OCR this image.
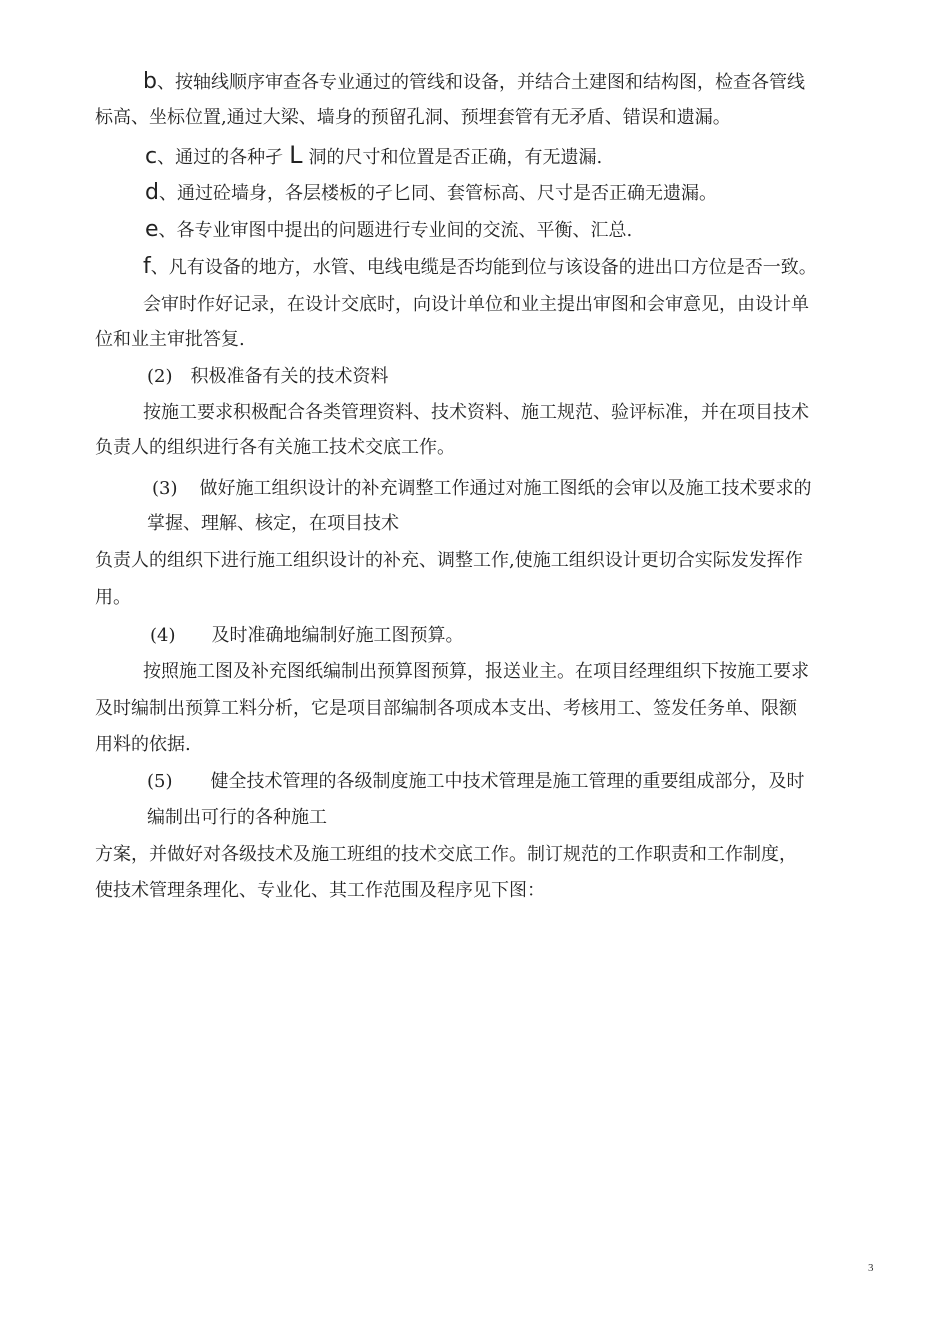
b、按轴线顺序审查各专业通过的管线和设备，并结合土建图和结构图，检查各管线

标高、坐标位置,通过大梁、墙身的预留孔洞、预埋套管有无矛盾、错误和遗漏。

c、通过的各种孑 L 洞的尺寸和位置是否正确，有无遗漏.

d、通过砼墙身，各层楼板的孑匕同、套管标高、尺寸是否正确无遗漏。

e、各专业审图中提出的问题进行专业间的交流、平衡、汇总.

f、凡有设备的地方，水管、电线电缆是否均能到位与该设备的进出口方位是否一致。

会审时作好记录，在设计交底时，向设计单位和业主提出审图和会审意见，由设计单

位和业主审批答复.

(2) 积极准备有关的技术资料

按施工要求积极配合各类管理资料、技术资料、施工规范、验评标准，并在项目技术

负责人的组织进行各有关施工技术交底工作。

(3) 做好施工组织设计的补充调整工作通过对施工图纸的会审以及施工技术要求的

掌握、理解、核定，在项目技术

负责人的组织下进行施工组织设计的补充、调整工作,使施工组织设计更切合实际发发挥作

用。

(4) 及时准确地编制好施工图预算。

按照施工图及补充图纸编制出预算图预算，报送业主。在项目经理组织下按施工要求

及时编制出预算工料分析，它是项目部编制各项成本支出、考核用工、签发任务单、限额

用料的依据.

(5) 健全技术管理的各级制度施工中技术管理是施工管理的重要组成部分，及时

编制出可行的各种施工

方案，并做好对各级技术及施工班组的技术交底工作。制订规范的工作职责和工作制度，

使技术管理条理化、专业化、其工作范围及程序见下图：

3
